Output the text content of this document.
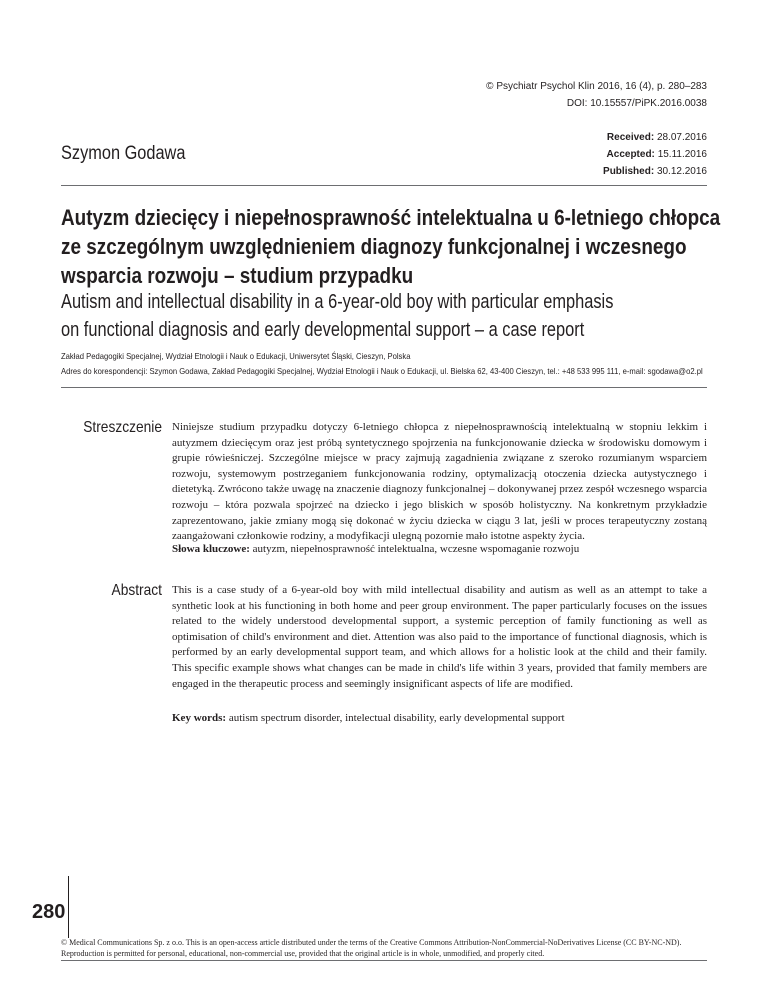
© Psychiatr Psychol Klin 2016, 16 (4), p. 280–283
DOI: 10.15557/PiPK.2016.0038
Received: 28.07.2016
Accepted: 15.11.2016
Published: 30.12.2016
Szymon Godawa
Autyzm dziecięcy i niepełnosprawność intelektualna u 6-letniego chłopca
ze szczególnym uwzględnieniem diagnozy funkcjonalnej i wczesnego
wsparcia rozwoju – studium przypadku
Autism and intellectual disability in a 6-year-old boy with particular emphasis
on functional diagnosis and early developmental support – a case report
Zakład Pedagogiki Specjalnej, Wydział Etnologii i Nauk o Edukacji, Uniwersytet Śląski, Cieszyn, Polska
Adres do korespondencji: Szymon Godawa, Zakład Pedagogiki Specjalnej, Wydział Etnologii i Nauk o Edukacji, ul. Bielska 62, 43-400 Cieszyn, tel.: +48 533 995 111, e-mail: sgodawa@o2.pl
Streszczenie Niniejsze studium przypadku dotyczy 6-letniego chłopca z niepełnosprawnością intelektualną w stopniu lekkim i autyzmem dziecięcym oraz jest próbą syntetycznego spojrzenia na funkcjonowanie dziecka w środowisku domowym i grupie rówieśniczej. Szczególne miejsce w pracy zajmują zagadnienia związane z szeroko rozumianym wsparciem rozwoju, systemowym postrzeganiem funkcjonowania rodziny, optymalizacją otoczenia dziecka autystycznego i dietetyką. Zwrócono także uwagę na znaczenie diagnozy funkcjonalnej – dokonywanej przez zespół wczesnego wsparcia rozwoju – która pozwala spojrzeć na dziecko i jego bliskich w sposób holistyczny. Na konkretnym przykładzie zaprezentowano, jakie zmiany mogą się dokonać w życiu dziecka w ciągu 3 lat, jeśli w proces terapeutyczny zostaną zaangażowani członkowie rodziny, a modyfikacji ulegną pozornie mało istotne aspekty życia.
Słowa kluczowe: autyzm, niepełnosprawność intelektualna, wczesne wspomaganie rozwoju
Abstract This is a case study of a 6-year-old boy with mild intellectual disability and autism as well as an attempt to take a synthetic look at his functioning in both home and peer group environment. The paper particularly focuses on the issues related to the widely understood developmental support, a systemic perception of family functioning as well as optimisation of child's environment and diet. Attention was also paid to the importance of functional diagnosis, which is performed by an early developmental support team, and which allows for a holistic look at the child and their family. This specific example shows what changes can be made in child's life within 3 years, provided that family members are engaged in the therapeutic process and seemingly insignificant aspects of life are modified.
Key words: autism spectrum disorder, intelectual disability, early developmental support
280
© Medical Communications Sp. z o.o. This is an open-access article distributed under the terms of the Creative Commons Attribution-NonCommercial-NoDerivatives License (CC BY-NC-ND). Reproduction is permitted for personal, educational, non-commercial use, provided that the original article is in whole, unmodified, and properly cited.
